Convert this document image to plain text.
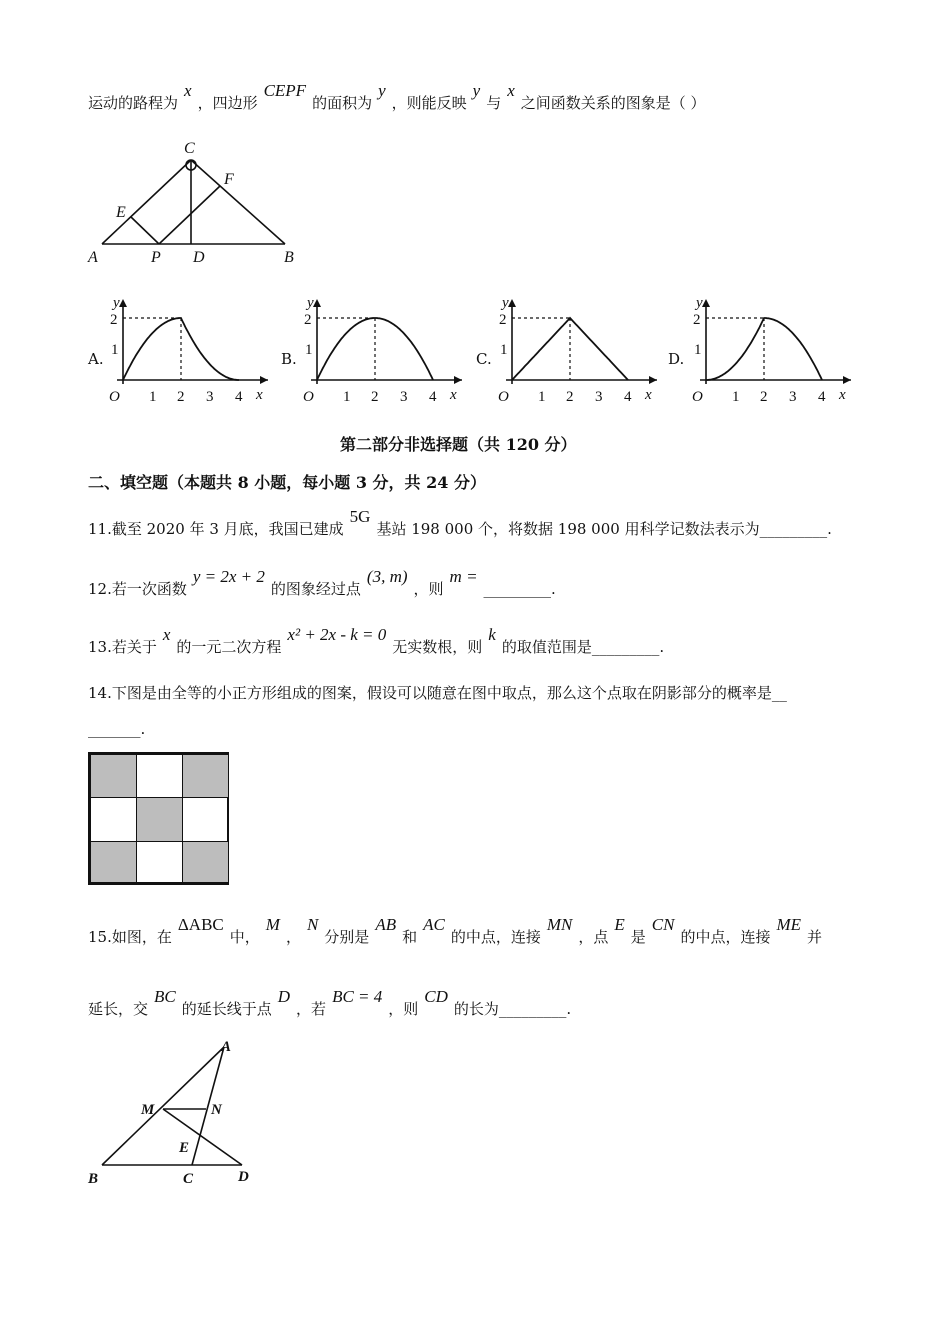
运动的路程为x，四边形CEPF的面积为y，则能反映y与x之间函数关系的图象是（ ）
A	B
C
D
E
F
P
A.	B.	C.	D.
y
x
O 1 2 3 4
1
2
y
x
O 1 2 3 4
1
2
y
x
O 1 2 3 4
1
2
y
x
O 1 2 3 4
1
2
第二部分非选择题（共 120 分）
二、填空题（本题共 8 小题，每小题 3 分，共 24 分）
11.截至 2020 年 3 月底，我国已建成5G基站 198 000 个，将数据 198 000 用科学记数法表示为_________.
12.若一次函数y = 2x + 2的图象经过点(3, m)，则m =_________.
13.若关于x的一元二次方程x² + 2x - k = 0无实数根，则k的取值范围是_________.
14.下图是由全等的小正方形组成的图案，假设可以随意在图中取点，那么这个点取在阴影部分的概率是__
_______.
15.如图，在ΔABC中，M，N分别是AB和AC的中点，连接MN，点E是CN的中点，连接ME并
延长，交BC的延长线于点D，若BC = 4，则CD的长为_________.
A
B	C	D
E
M	N
